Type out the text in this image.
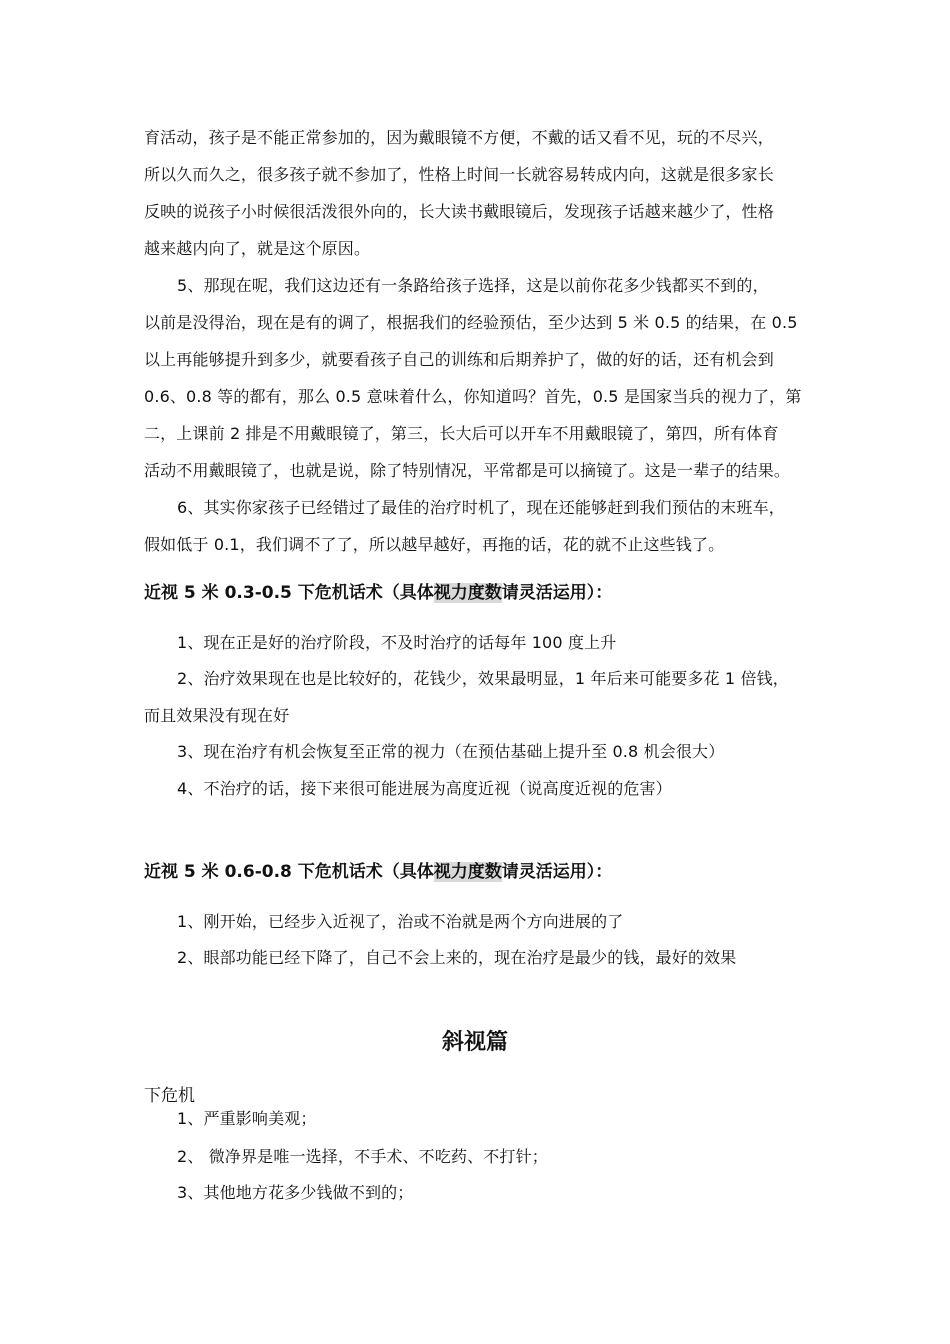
育活动，孩子是不能正常参加的，因为戴眼镜不方便，不戴的话又看不见，玩的不尽兴，

所以久而久之，很多孩子就不参加了，性格上时间一长就容易转成内向，这就是很多家长

反映的说孩子小时候很活泼很外向的，长大读书戴眼镜后，发现孩子话越来越少了，性格

越来越内向了，就是这个原因。

5、那现在呢，我们这边还有一条路给孩子选择，这是以前你花多少钱都买不到的，

以前是没得治，现在是有的调了，根据我们的经验预估，至少达到 5 米 0.5 的结果，在 0.5

以上再能够提升到多少，就要看孩子自己的训练和后期养护了，做的好的话，还有机会到

0.6、0.8 等的都有，那么 0.5 意味着什么，你知道吗？首先，0.5 是国家当兵的视力了，第

二，上课前 2 排是不用戴眼镜了，第三，长大后可以开车不用戴眼镜了，第四，所有体育

活动不用戴眼镜了，也就是说，除了特别情况，平常都是可以摘镜了。这是一辈子的结果。

6、其实你家孩子已经错过了最佳的治疗时机了，现在还能够赶到我们预估的末班车，

假如低于 0.1，我们调不了了，所以越早越好，再拖的话，花的就不止这些钱了。

近视 5 米 0.3-0.5 下危机话术（具体视力度数请灵活运用）：

1、现在正是好的治疗阶段，不及时治疗的话每年 100 度上升

2、治疗效果现在也是比较好的，花钱少，效果最明显，1 年后来可能要多花 1 倍钱，

而且效果没有现在好

3、现在治疗有机会恢复至正常的视力（在预估基础上提升至 0.8 机会很大）

4、不治疗的话，接下来很可能进展为高度近视（说高度近视的危害）

近视 5 米 0.6-0.8 下危机话术（具体视力度数请灵活运用）：

1、刚开始，已经步入近视了，治或不治就是两个方向进展的了

2、眼部功能已经下降了，自己不会上来的，现在治疗是最少的钱，最好的效果

斜视篇

下危机

1、严重影响美观；

2、 微净界是唯一选择，不手术、不吃药、不打针；

3、其他地方花多少钱做不到的；
